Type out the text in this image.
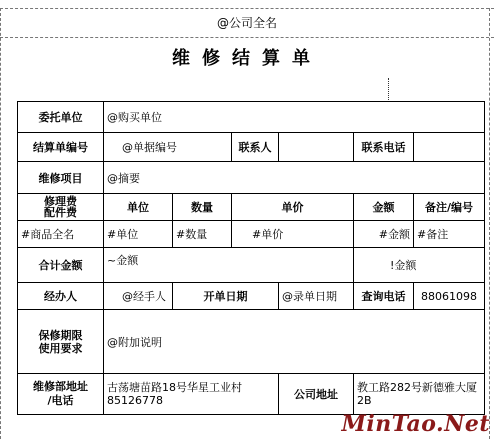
@公司全名
维修结算单
委托单位	@购买单位					
结算单编号	@单据编号		联系人		联系电话	
维修项目	@摘要					
修理费
配件费	单位	数量	单价		金额	备注/编号
#商品全名	#单位	#数量	#单价		#金额	#备注
合计金额	~金额				!金额	
经办人	@经手人	开单日期		@录单日期	查询电话	88061098
保修期限
使用要求	@附加说明					
维修部地址
/电话	古荡塘苗路18号华星工业村85126778			公司地址	教工路282号新德雅大厦2B	
MinTao.Net
